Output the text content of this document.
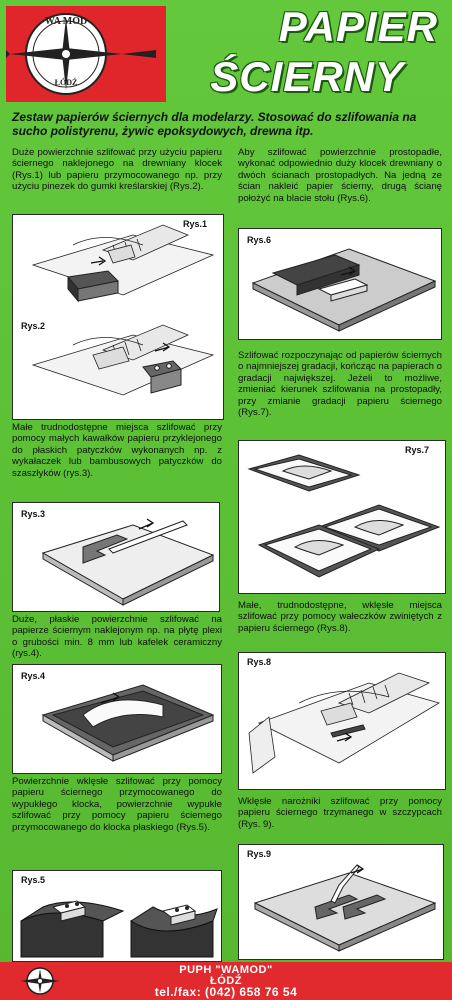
WA MOD
ŁÓDŹ
PAPIER
ŚCIERNY
Zestaw papierów ściernych dla modelarzy. Stosować do szlifowania na sucho polistyrenu, żywic epoksydowych, drewna itp.
Duże powierzchnie szlifować przy użyciu papieru ściernego naklejonego na drewniany klocek (Rys.1) lub papieru przymocowanego np. przy użyciu pinezek do gumki kreślarskiej (Rys.2).
Rys.1
Rys.2
Małe trudnodostępne miejsca szlifować przy pomocy małych kawałków papieru przyklejonego do płaskich patyczków wykonanych np. z wykałaczek lub bambusowych patyczków do szaszłyków (rys.3).
Rys.3
Duże, płaskie powierzchnie szlifować na papierze ściernym naklejonym np. na płytę plexi o grubości min. 8 mm lub kafelek ceramiczny (rys.4).
Rys.4
Powierzchnie wklęsłe szlifować przy pomocy papieru ściernego przymocowanego do wypukłego klocka, powierzchnie wypukłe szlifować przy pomocy papieru ściernego przymocowanego do klocka płaskiego (Rys.5).
Rys.5
Aby szlifować powierzchnie prostopadłe, wykonać odpowiednio duży klocek drewniany o dwóch ścianach prostopadłych. Na jedną ze ścian nakleić papier ścierny, drugą ścianę położyć na blacie stołu (Rys.6).
Rys.6
Szlifować rozpoczynając od papierów ściernych o najmniejszej gradacji, kończąc na papierach o gradacji największej. Jeżeli to możliwe, zmieniać kierunek szlifowania na prostopadły, przy zmianie gradacji papieru ściernego (Rys.7).
Rys.7
Małe, trudnodostępne, wklęsłe miejsca szlifować przy pomocy wałeczków zwiniętych z papieru ściernego (Rys.8).
Rys.8
Wklęsłe narożniki szlifować przy pomocy papieru ściernego trzymanego w szczypcach (Rys. 9).
Rys.9
PUPH "WAMOD"
ŁÓDŹ
tel./fax: (042) 658 76 54
